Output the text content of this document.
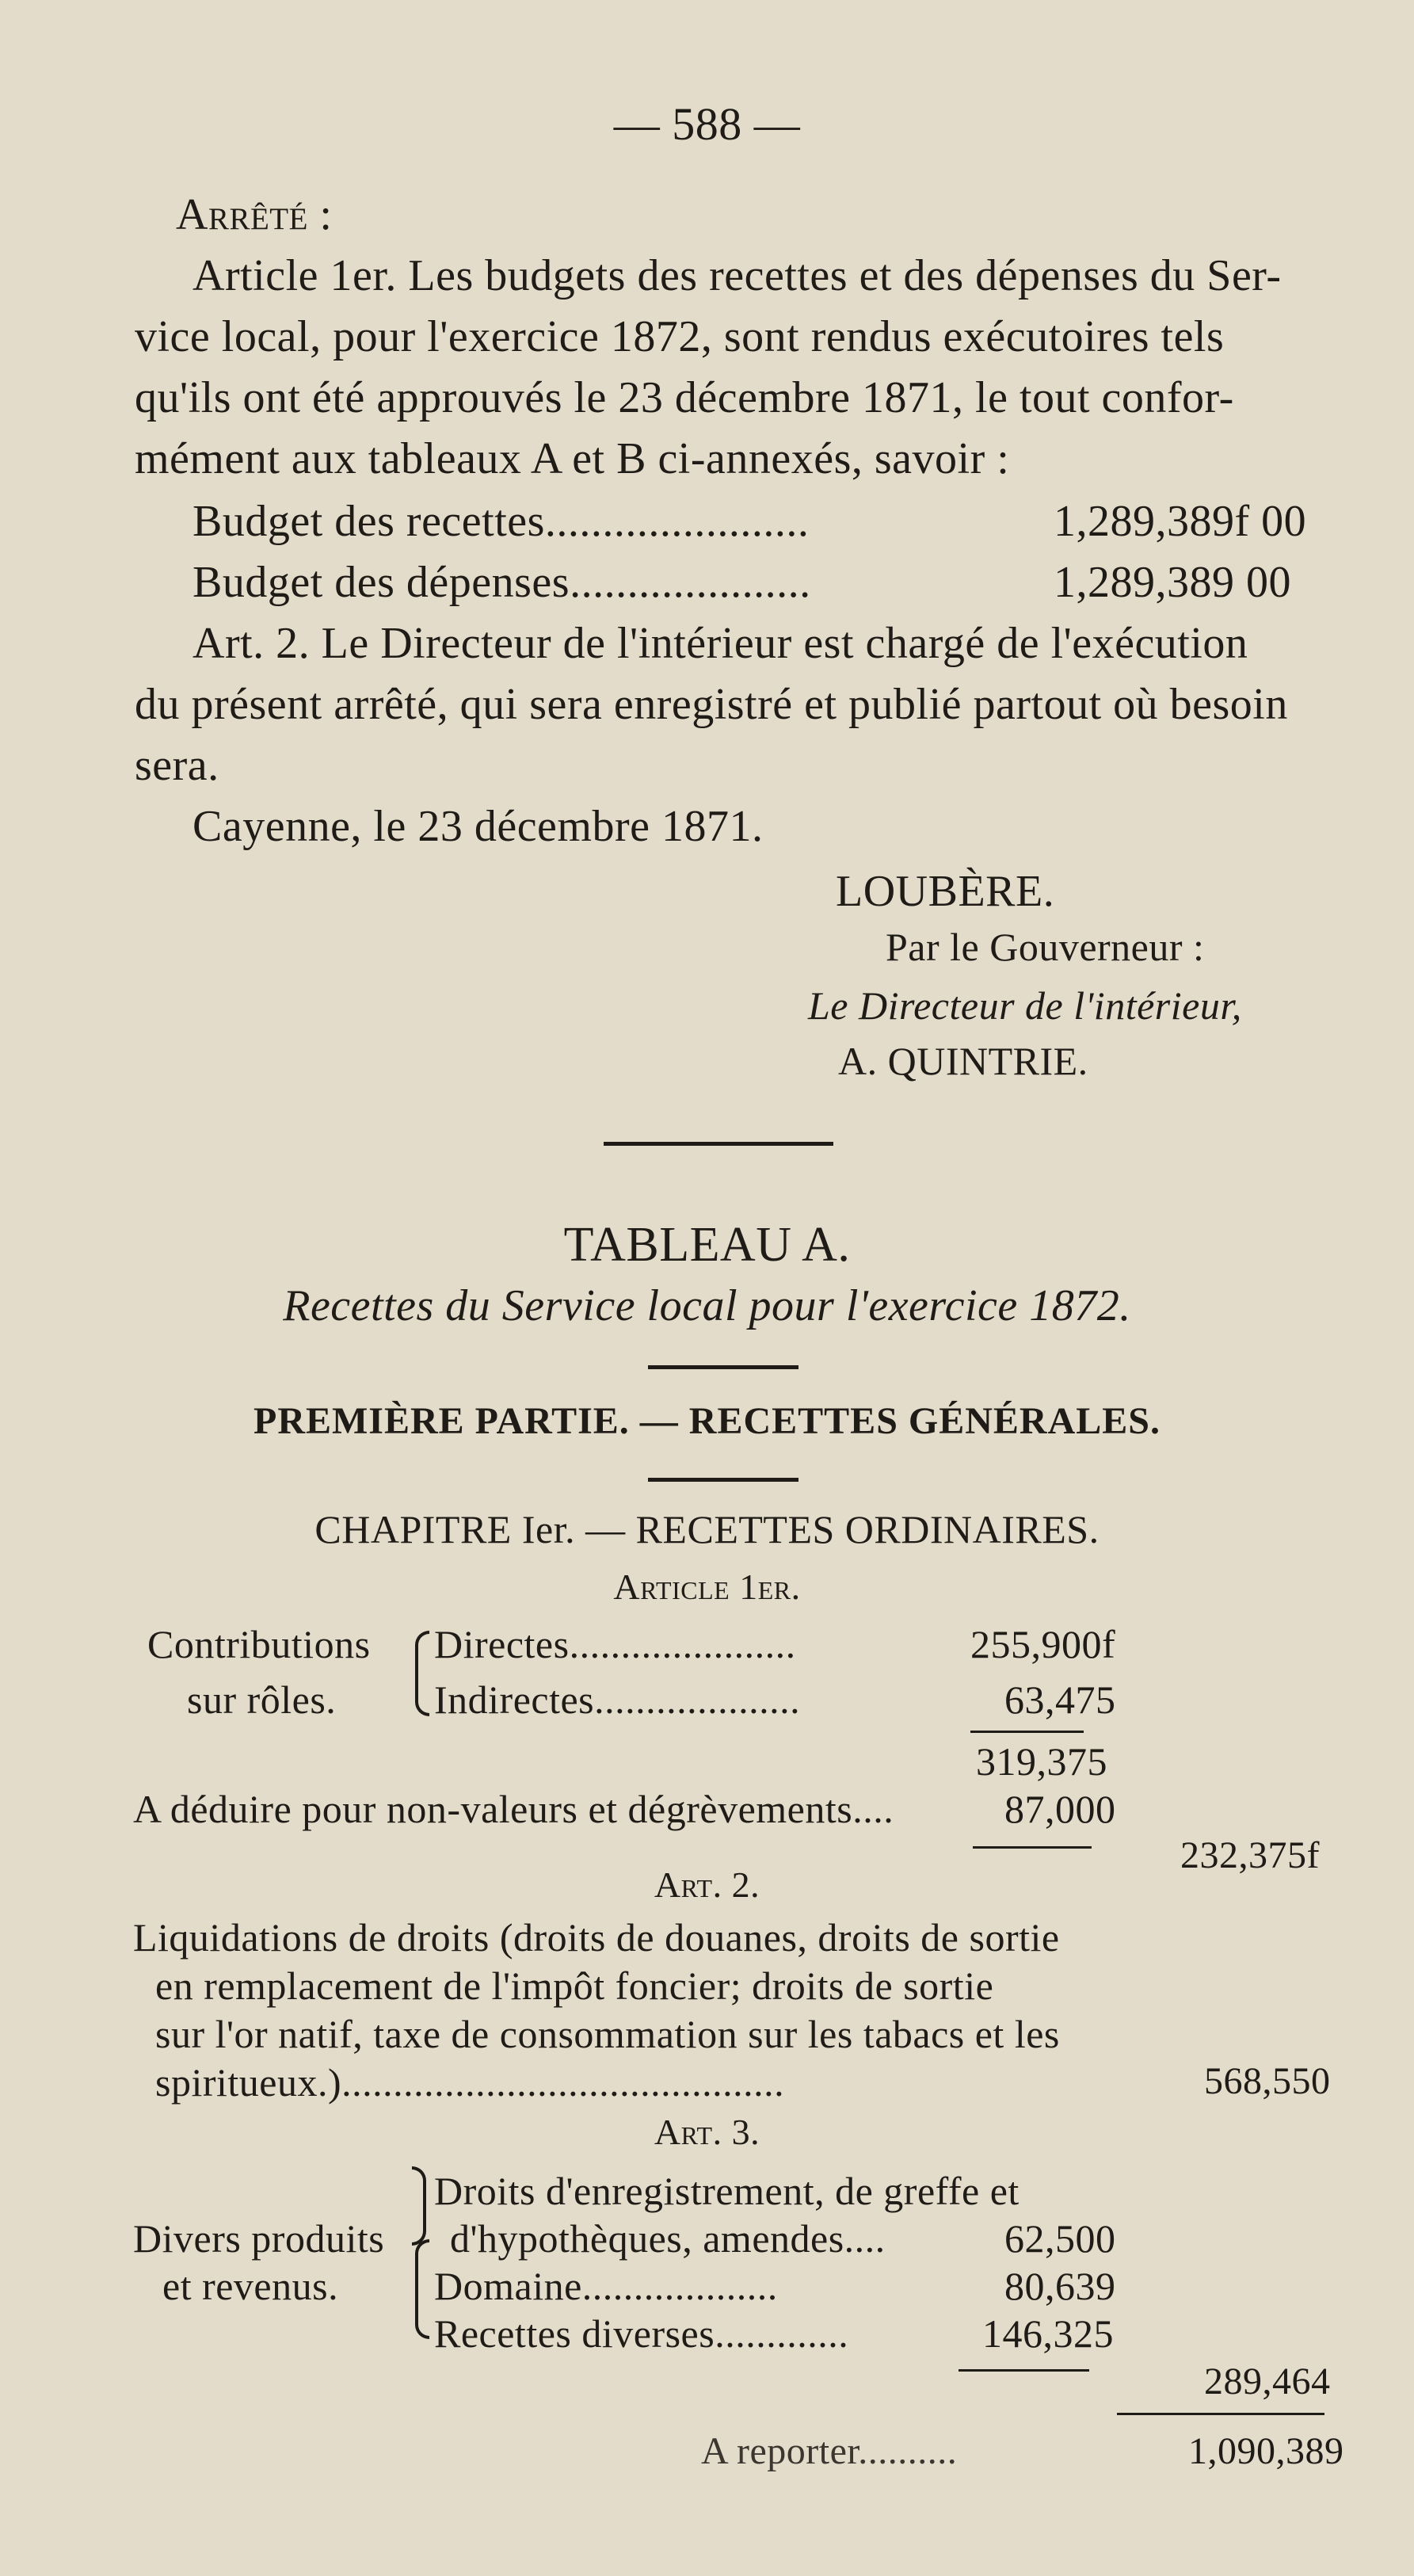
— 588 —
Arrêté :
Article 1er. Les budgets des recettes et des dépenses du Ser-
vice local, pour l'exercice 1872, sont rendus exécutoires tels
qu'ils ont été approuvés le 23 décembre 1871, le tout confor-
mément aux tableaux A et B ci-annexés, savoir :
Budget des recettes.......................	1,289,389f 00
Budget des dépenses.....................	1,289,389 00
Art. 2. Le Directeur de l'intérieur est chargé de l'exécution
du présent arrêté, qui sera enregistré et publié partout où besoin
sera.
Cayenne, le 23 décembre 1871.
LOUBÈRE.
Par le Gouverneur :
Le Directeur de l'intérieur,
A. QUINTRIE.
TABLEAU A.
Recettes du Service local pour l'exercice 1872.
PREMIÈRE PARTIE. — RECETTES GÉNÉRALES.
CHAPITRE Ier. — RECETTES ORDINAIRES.
Article 1er.
Contributions
sur rôles.
Directes......................	255,900f
Indirectes....................	63,475
319,375
A déduire pour non-valeurs et dégrèvements....	87,000
232,375f
Art. 2.
Liquidations de droits (droits de douanes, droits de sortie
en remplacement de l'impôt foncier; droits de sortie
sur l'or natif, taxe de consommation sur les tabacs et les
spiritueux.)...........................................	568,550
Art. 3.
Divers produits
et revenus.
Droits d'enregistrement, de greffe et
d'hypothèques, amendes....	62,500
Domaine...................	80,639
Recettes diverses.............	146,325
289,464
A reporter..........	1,090,389
